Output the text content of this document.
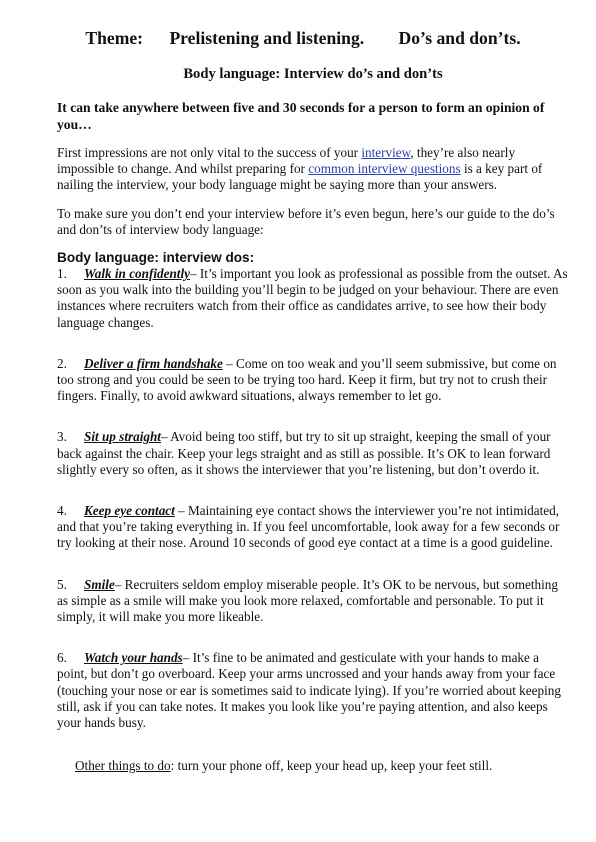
Theme: Prelistening and listening. Do’s and don’ts.
Body language: Interview do’s and don’ts

It can take anywhere between five and 30 seconds for a person to form an opinion of you…

First impressions are not only vital to the success of your interview, they’re also nearly impossible to change. And whilst preparing for common interview questions is a key part of nailing the interview, your body language might be saying more than your answers.

To make sure you don’t end your interview before it’s even begun, here’s our guide to the do’s and don’ts of interview body language:

Body language: interview dos:

1. Walk in confidently– It’s important you look as professional as possible from the outset. As soon as you walk into the building you’ll begin to be judged on your behaviour. There are even instances where recruiters watch from their office as candidates arrive, to see how their body language changes.

2. Deliver a firm handshake – Come on too weak and you’ll seem submissive, but come on too strong and you could be seen to be trying too hard. Keep it firm, but try not to crush their fingers. Finally, to avoid awkward situations, always remember to let go.

3. Sit up straight– Avoid being too stiff, but try to sit up straight, keeping the small of your back against the chair. Keep your legs straight and as still as possible. It’s OK to lean forward slightly every so often, as it shows the interviewer that you’re listening, but don’t overdo it.

4. Keep eye contact – Maintaining eye contact shows the interviewer you’re not intimidated, and that you’re taking everything in. If you feel uncomfortable, look away for a few seconds or try looking at their nose. Around 10 seconds of good eye contact at a time is a good guideline.

5. Smile– Recruiters seldom employ miserable people. It’s OK to be nervous, but something as simple as a smile will make you look more relaxed, comfortable and personable. To put it simply, it will make you more likeable.

6. Watch your hands– It’s fine to be animated and gesticulate with your hands to make a point, but don’t go overboard. Keep your arms uncrossed and your hands away from your face (touching your nose or ear is sometimes said to indicate lying). If you’re worried about keeping still, ask if you can take notes. It makes you look like you’re paying attention, and also keeps your hands busy.

Other things to do: turn your phone off, keep your head up, keep your feet still.
